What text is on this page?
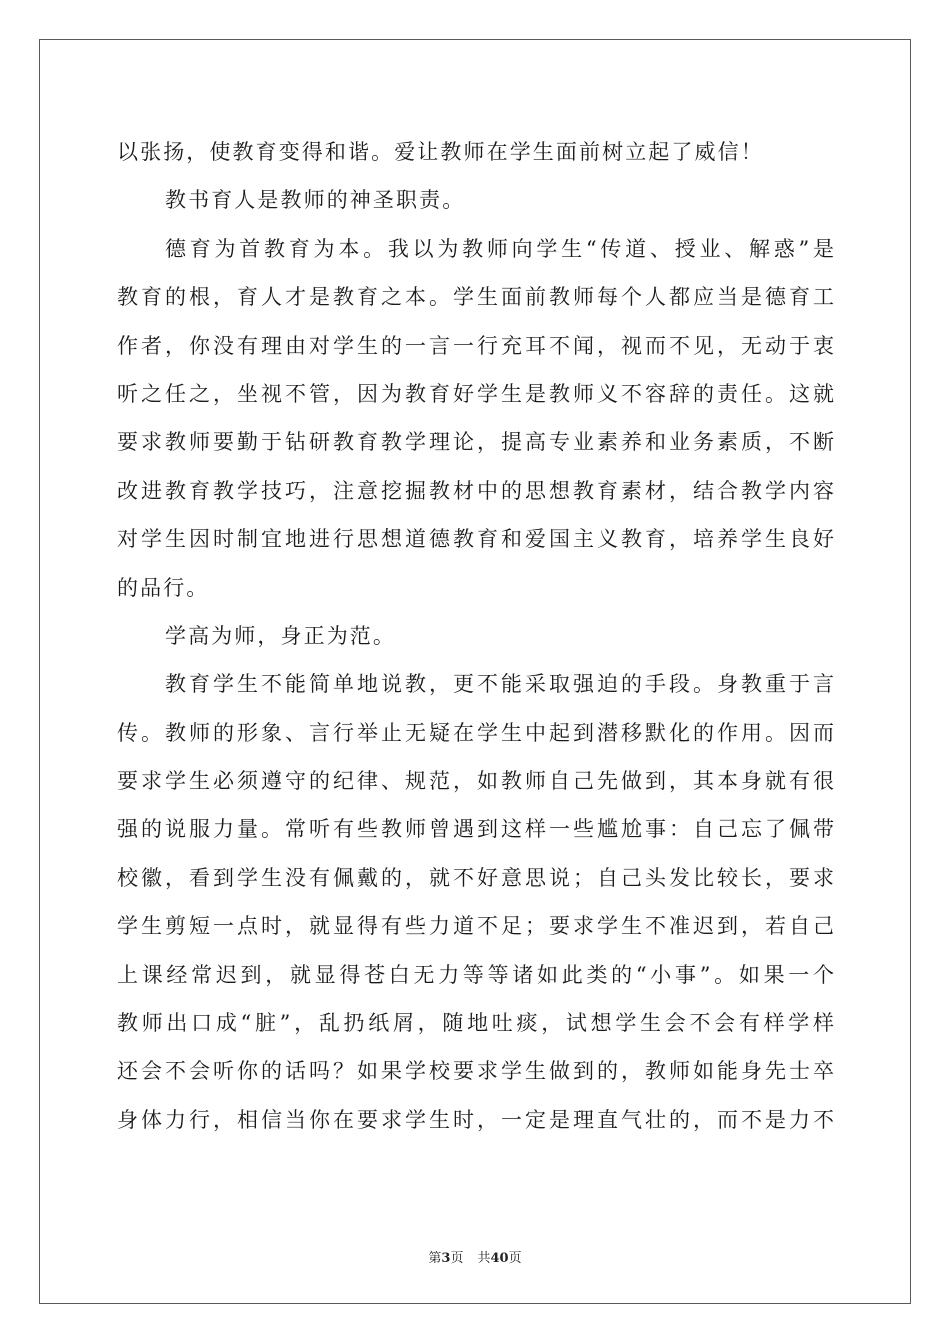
以张扬，使教育变得和谐。爱让教师在学生面前树立起了威信！
教书育人是教师的神圣职责。
德育为首教育为本。我以为教师向学生“传道、授业、解惑”是
教育的根，育人才是教育之本。学生面前教师每个人都应当是德育工
作者，你没有理由对学生的一言一行充耳不闻，视而不见，无动于衷
听之任之，坐视不管，因为教育好学生是教师义不容辞的责任。这就
要求教师要勤于钻研教育教学理论，提高专业素养和业务素质，不断
改进教育教学技巧，注意挖掘教材中的思想教育素材，结合教学内容
对学生因时制宜地进行思想道德教育和爱国主义教育，培养学生良好
的品行。
学高为师，身正为范。
教育学生不能简单地说教，更不能采取强迫的手段。身教重于言
传。教师的形象、言行举止无疑在学生中起到潜移默化的作用。因而
要求学生必须遵守的纪律、规范，如教师自己先做到，其本身就有很
强的说服力量。常听有些教师曾遇到这样一些尴尬事：自己忘了佩带
校徽，看到学生没有佩戴的，就不好意思说；自己头发比较长，要求
学生剪短一点时，就显得有些力道不足；要求学生不准迟到，若自己
上课经常迟到，就显得苍白无力等等诸如此类的“小事”。如果一个
教师出口成“脏”，乱扔纸屑，随地吐痰，试想学生会不会有样学样
还会不会听你的话吗？如果学校要求学生做到的，教师如能身先士卒
身体力行，相信当你在要求学生时，一定是理直气壮的，而不是力不
第3页 共40页
